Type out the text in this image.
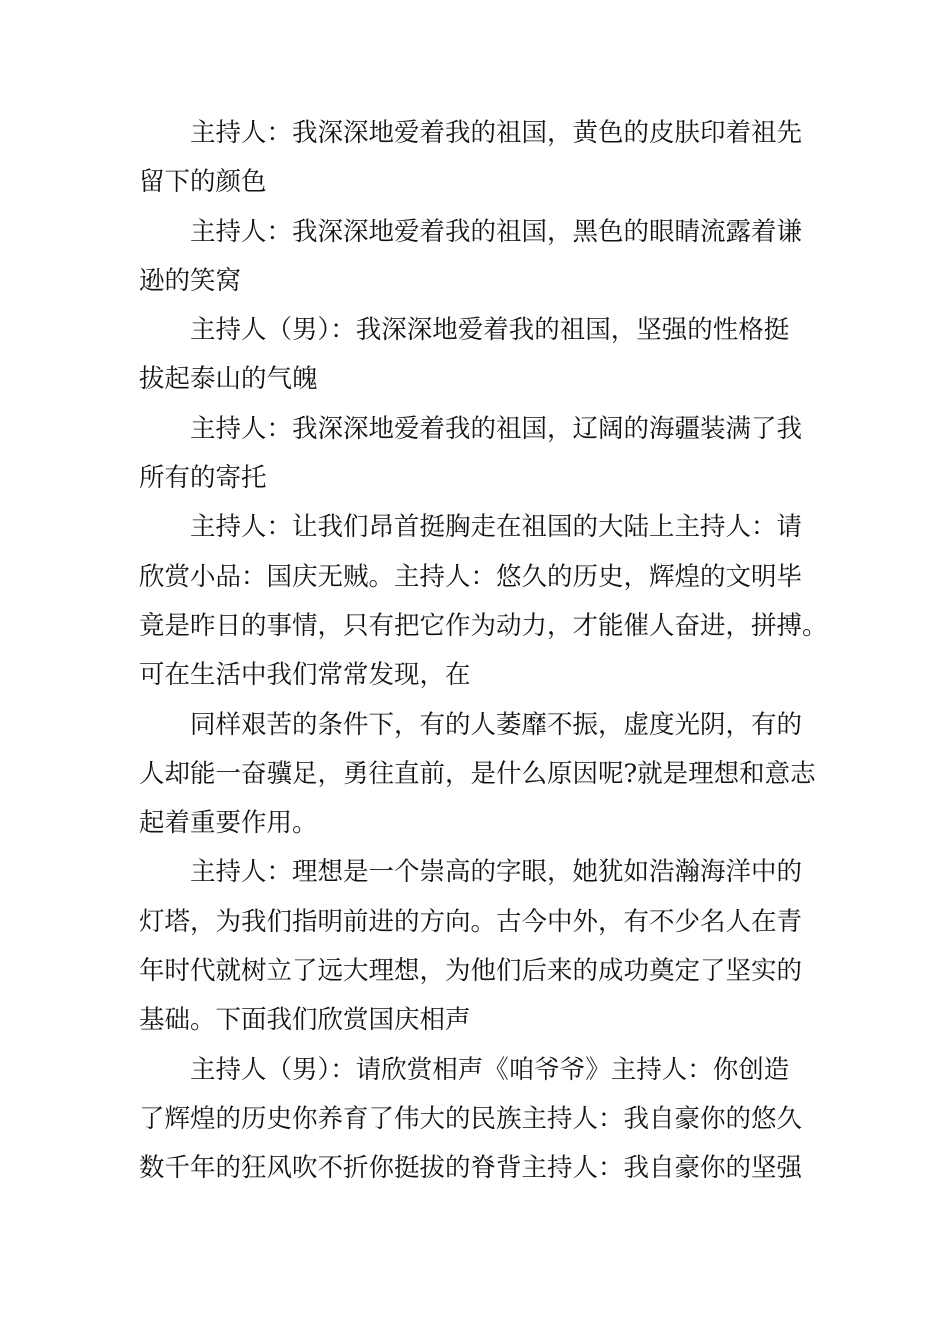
主持人：我深深地爱着我的祖国，黄色的皮肤印着祖先
留下的颜色

主持人：我深深地爱着我的祖国，黑色的眼睛流露着谦
逊的笑窝

主持人（男）：我深深地爱着我的祖国，坚强的性格挺
拔起泰山的气魄

主持人：我深深地爱着我的祖国，辽阔的海疆装满了我
所有的寄托

主持人：让我们昂首挺胸走在祖国的大陆上主持人：请
欣赏小品：国庆无贼。主持人：悠久的历史，辉煌的文明毕
竟是昨日的事情，只有把它作为动力，才能催人奋进，拼搏。
可在生活中我们常常发现，在

同样艰苦的条件下，有的人萎靡不振，虚度光阴，有的
人却能一奋骥足，勇往直前，是什么原因呢?就是理想和意志
起着重要作用。

主持人：理想是一个崇高的字眼，她犹如浩瀚海洋中的
灯塔，为我们指明前进的方向。古今中外，有不少名人在青
年时代就树立了远大理想，为他们后来的成功奠定了坚实的
基础。下面我们欣赏国庆相声

主持人（男）：请欣赏相声《咱爷爷》主持人：你创造
了辉煌的历史你养育了伟大的民族主持人：我自豪你的悠久
数千年的狂风吹不折你挺拔的脊背主持人：我自豪你的坚强
